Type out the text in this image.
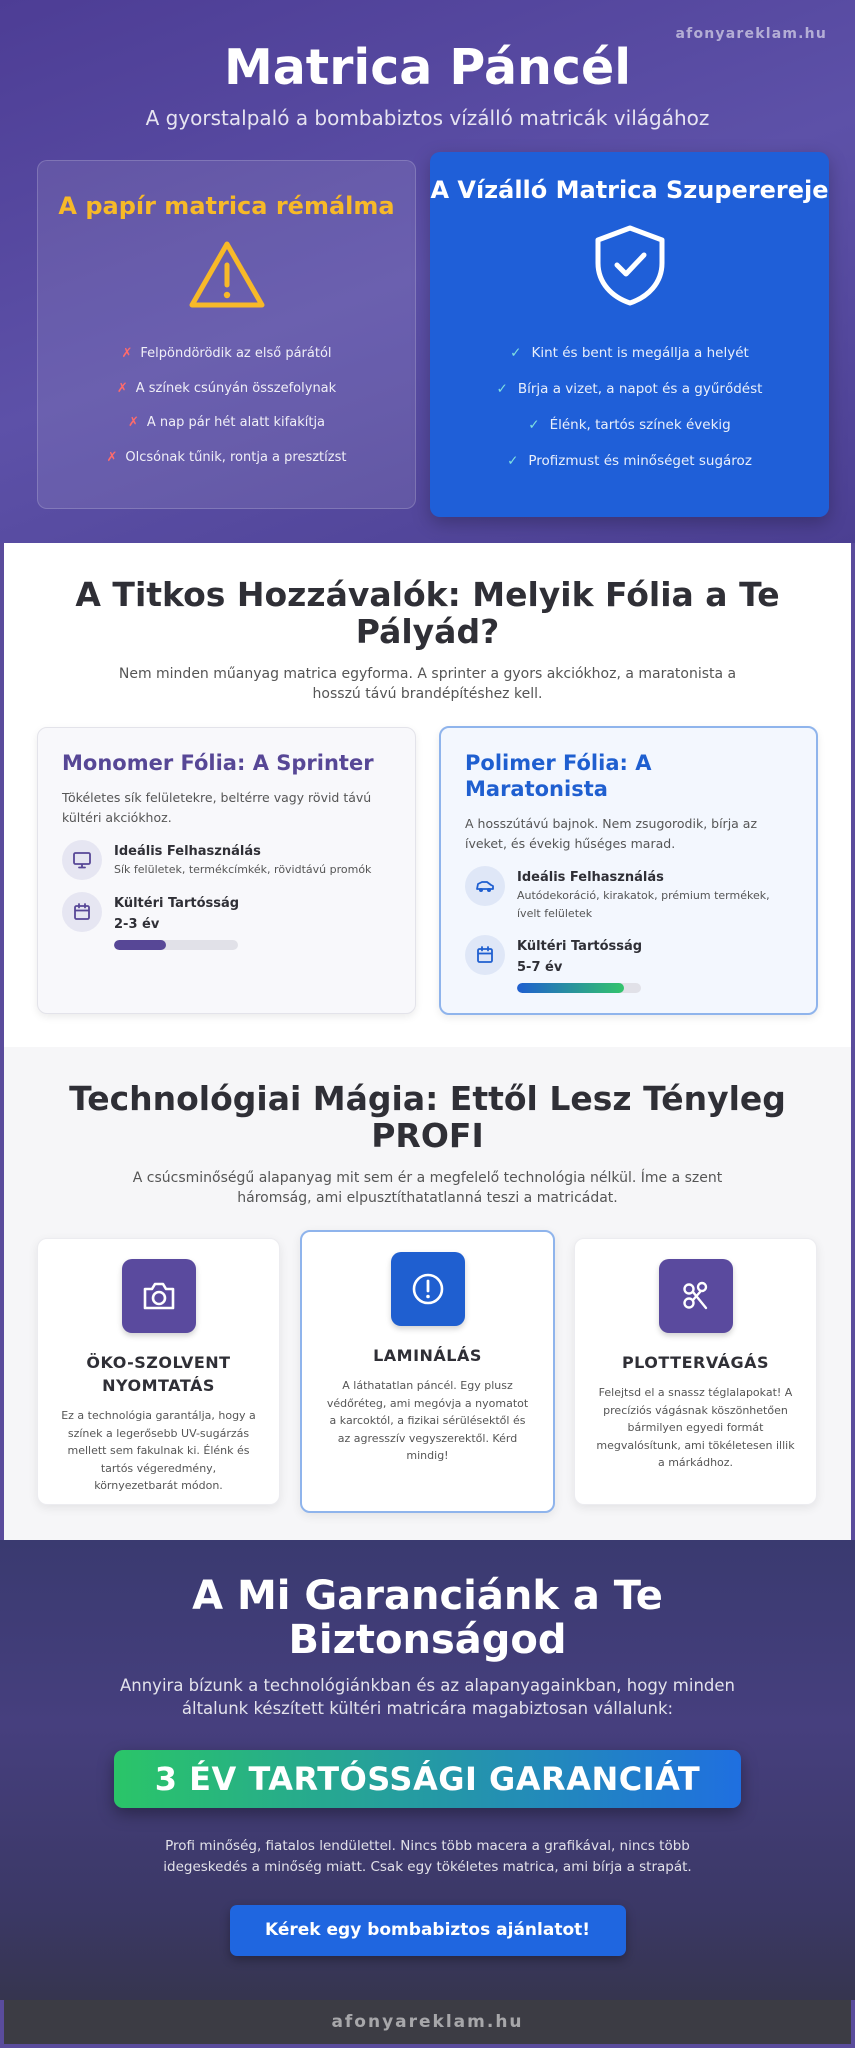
afonyareklam.hu
Matrica Páncél

A gyorstalpaló a bombabiztos vízálló matricák világához

A papír matrica rémálma
✗ Felpöndörödik az első párától
✗ A színek csúnyán összefolynak
✗ A nap pár hét alatt kifakítja
✗ Olcsónak tűnik, rontja a presztízst
A Vízálló Matrica Szuperereje
✓ Kint és bent is megállja a helyét
✓ Bírja a vizet, a napot és a gyűrődést
✓ Élénk, tartós színek évekig
✓ Profizmust és minőséget sugároz
A Titkos Hozzávalók: Melyik Fólia a Te Pályád?

Nem minden műanyag matrica egyforma. A sprinter a gyors akciókhoz, a maratonista a hosszú távú brandépítéshez kell.

Monomer Fólia: A Sprinter

Tökéletes sík felületekre, beltérre vagy rövid távú kültéri akciókhoz.

Ideális Felhasználás
Sík felületek, termékcímkék, rövidtávú promók
Kültéri Tartósság
2-3 év
Polimer Fólia: A Maratonista

A hosszútávú bajnok. Nem zsugorodik, bírja az íveket, és évekig hűséges marad.

Ideális Felhasználás
Autódekoráció, kirakatok, prémium termékek, ívelt felületek
Kültéri Tartósság
5-7 év
Technológiai Mágia: Ettől Lesz Tényleg PROFI

A csúcsminőségű alapanyag mit sem ér a megfelelő technológia nélkül. Íme a szent háromság, ami elpusztíthatatlanná teszi a matricádat.

ÖKO-SZOLVENT NYOMTATÁS
Ez a technológia garantálja, hogy a színek a legerősebb UV-sugárzás mellett sem fakulnak ki. Élénk és tartós végeredmény, környezetbarát módon.
LAMINÁLÁS
A láthatatlan páncél. Egy plusz védőréteg, ami megóvja a nyomatot a karcoktól, a fizikai sérülésektől és az agresszív vegyszerektől. Kérd mindig!
PLOTTERVÁGÁS
Felejtsd el a snassz téglalapokat! A precíziós vágásnak köszönhetően bármilyen egyedi formát megvalósítunk, ami tökéletesen illik a márkádhoz.
A Mi Garanciánk a Te Biztonságod

Annyira bízunk a technológiánkban és az alapanyagainkban, hogy minden általunk készített kültéri matricára magabiztosan vállalunk:

3 ÉV TARTÓSSÁGI GARANCIÁT

Profi minőség, fiatalos lendülettel. Nincs több macera a grafikával, nincs több idegeskedés a minőség miatt. Csak egy tökéletes matrica, ami bírja a strapát.

Kérek egy bombabiztos ajánlatot!
afonyareklam.hu
